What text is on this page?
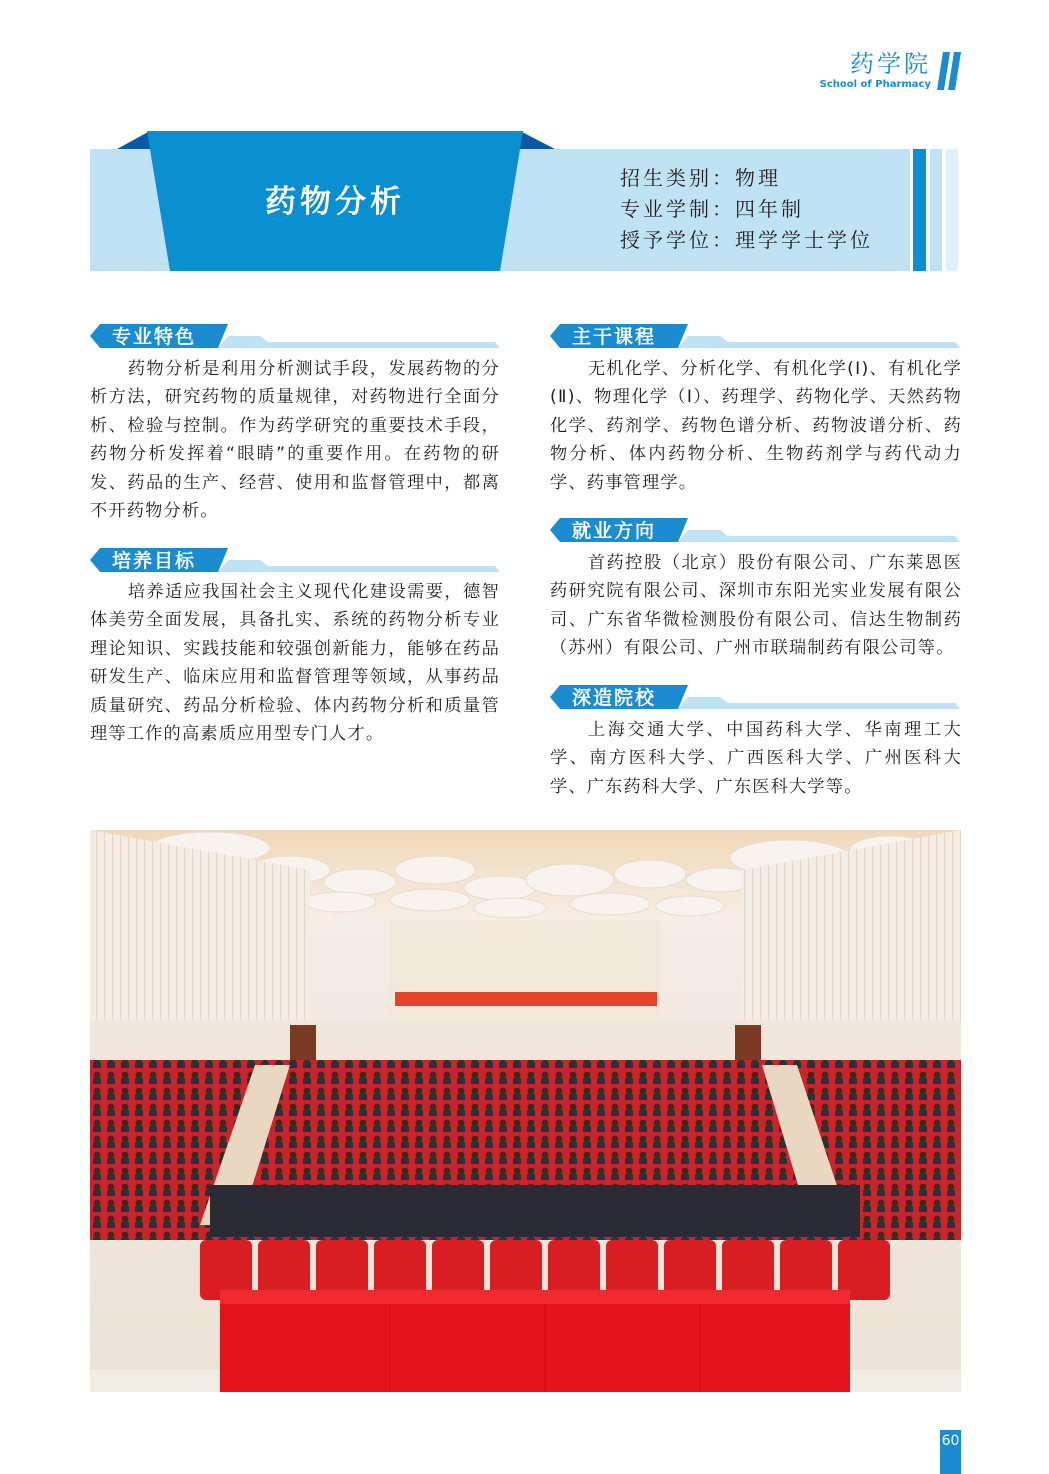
药学院
School of Pharmacy
药物分析
招生类别：物理
专业学制：四年制
授予学位：理学学士学位
专业特色
药物分析是利用分析测试手段，发展药物的分析方法，研究药物的质量规律，对药物进行全面分析、检验与控制。作为药学研究的重要技术手段，药物分析发挥着“眼睛”的重要作用。在药物的研发、药品的生产、经营、使用和监督管理中，都离不开药物分析。
培养目标
培养适应我国社会主义现代化建设需要，德智体美劳全面发展，具备扎实、系统的药物分析专业理论知识、实践技能和较强创新能力，能够在药品研发生产、临床应用和监督管理等领域，从事药品质量研究、药品分析检验、体内药物分析和质量管理等工作的高素质应用型专门人才。
主干课程
无机化学、分析化学、有机化学(Ⅰ)、有机化学(Ⅱ)、物理化学（Ⅰ）、药理学、药物化学、天然药物化学、药剂学、药物色谱分析、药物波谱分析、药物分析、体内药物分析、生物药剂学与药代动力学、药事管理学。
就业方向
首药控股（北京）股份有限公司、广东莱恩医药研究院有限公司、深圳市东阳光实业发展有限公司、广东省华微检测股份有限公司、信达生物制药（苏州）有限公司、广州市联瑞制药有限公司等。
深造院校
上海交通大学、中国药科大学、华南理工大学、南方医科大学、广西医科大学、广州医科大学、广东药科大学、广东医科大学等。
60
